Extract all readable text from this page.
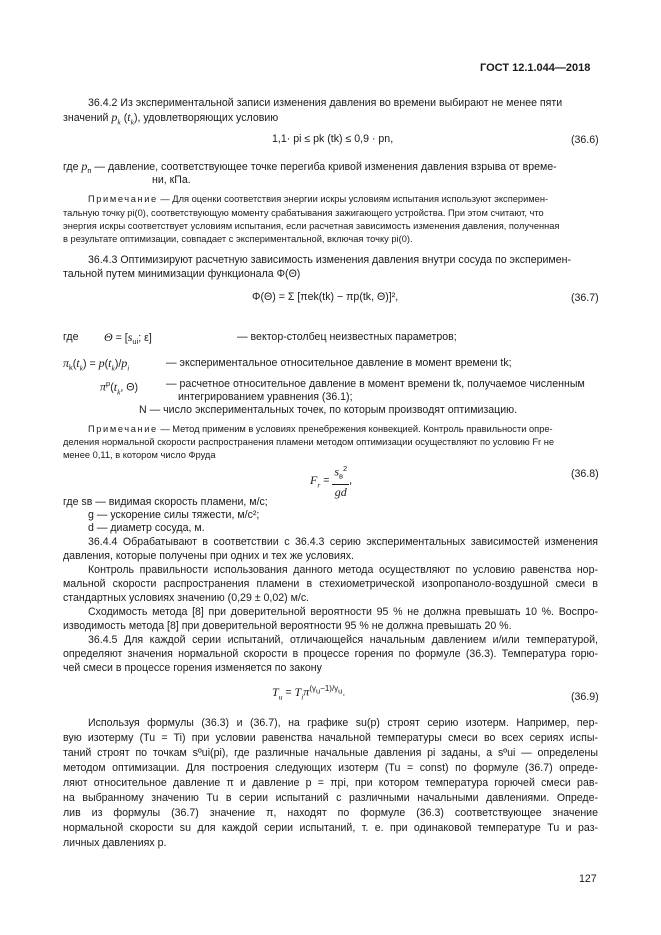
ГОСТ 12.1.044—2018
36.4.2 Из экспериментальной записи изменения давления во времени выбирают не менее пяти
значений $p_k$ $(t_k)$, удовлетворяющих условию
1,1· pi ≤ pk (tk) ≤ 0,9 · pn,	(36.6)
где $p_п$ — давление, соответствующее точке перегиба кривой изменения давления взрыва от време-
ни, кПа.
Примечание — Для оценки соответствия энергии искры условиям испытания используют эксперимен-
тальную точку pi(0), соответствующую моменту срабатывания зажигающего устройства. При этом считают, что
энергия искры соответствует условиям испытания, если расчетная зависимость изменения давления, полученная
в результате оптимизации, совпадает с экспериментальной, включая точку pi(0).
36.4.3 Оптимизируют расчетную зависимость изменения давления внутри сосуда по эксперимен-
тальной путем минимизации функционала Φ(Θ)
Φ(Θ) = Σ [πek(tk) − πp(tk, Θ)]²,	(36.7)
где $\Theta = [s_{ui}$; ε]	— вектор-столбец неизвестных параметров;
$\pi_k(t_k) = p(t_k)/p_i$	— экспериментальное относительное давление в момент времени tk;
$\pi^p(t_k$, Θ)	— расчетное относительное давление в момент времени tk, получаемое численным
интегрированием уравнения (36.1);
N — число экспериментальных точек, по которым производят оптимизацию.
Примечание — Метод применим в условиях пренебрежения конвекцией. Контроль правильности опре-
деления нормальной скорости распространения пламени методом оптимизации осуществляют по условию Fr не
менее 0,11, в котором число Фруда
$F_r$ =
$s_в^2$
gd
,
(36.8)
где sв — видимая скорость пламени, м/с;
g — ускорение силы тяжести, м/с²;
d — диаметр сосуда, м.
36.4.4 Обрабатывают в соответствии с 36.4.3 серию экспериментальных зависимостей изменения
давления, которые получены при одних и тех же условиях.
Контроль правильности использования данного метода осуществляют по условию равенства нор-
мальной скорости распространения пламени в стехиометрической изопропаноло-воздушной смеси в
стандартных условиях значению (0,29 ± 0,02) м/с.
Сходимость метода [8] при доверительной вероятности 95 % не должна превышать 10 %. Воспро-
изводимость метода [8] при доверительной вероятности 95 % не должна превышать 20 %.
36.4.5 Для каждой серии испытаний, отличающейся начальным давлением и/или температурой,
определяют значения нормальной скорости в процессе горения по формуле (36.3). Температура горю-
чей смеси в процессе горения изменяется по закону
$T_u = T_i\pi^{(\gamma_u-1)/\gamma_u}$.	(36.9)
Используя формулы (36.3) и (36.7), на графике su(p) строят серию изотерм. Например, пер-
вую изотерму (Tu = Ti) при условии равенства начальной температуры смеси во всех сериях испы-
таний строят по точкам sºui(pi), где различные начальные давления pi заданы, а sºui — определены
методом оптимизации. Для построения следующих изотерм (Tu = const) по формуле (36.7) опреде-
ляют относительное давление π и давление p = πpi, при котором температура горючей смеси рав-
на выбранному значению Tu в серии испытаний с различными начальными давлениями. Опреде-
лив из формулы (36.7) значение π, находят по формуле (36.3) соответствующее значение
нормальной скорости su для каждой серии испытаний, т. е. при одинаковой температуре Tu и раз-
личных давлениях p.
127
